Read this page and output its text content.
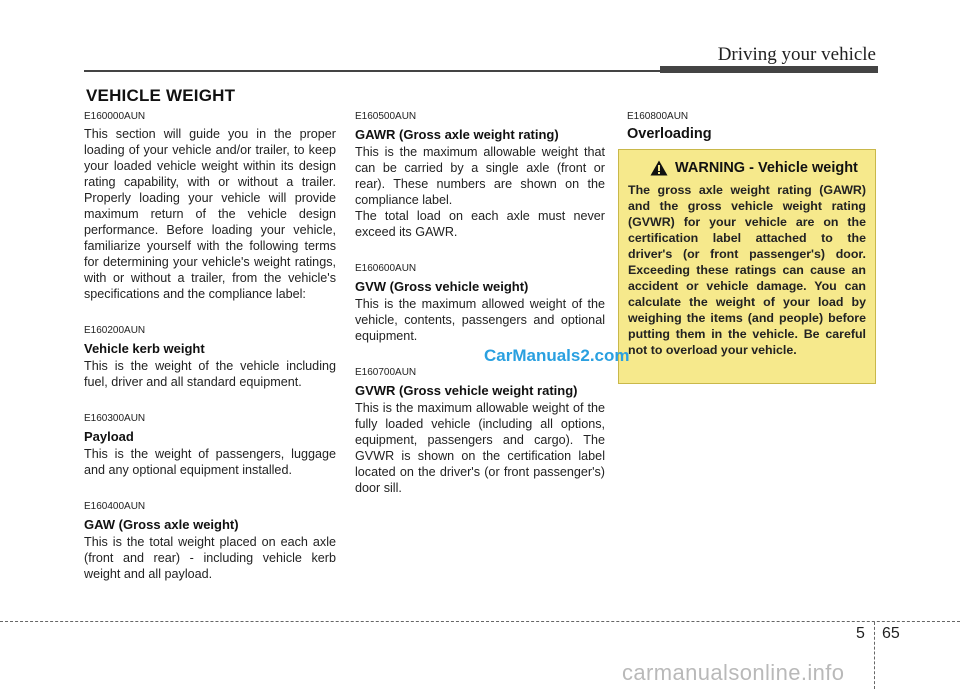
Driving your vehicle
VEHICLE WEIGHT

E160000AUN

This section will guide you in the proper loading of your vehicle and/or trailer, to keep your loaded vehicle weight within its design rating capability, with or without a trailer. Properly loading your vehicle will provide maximum return of the vehicle design performance. Before loading your vehicle, familiarize yourself with the following terms for determining your vehicle's weight ratings, with or without a trailer, from the vehicle's specifications and the compliance label:

E160200AUN

Vehicle kerb weight

This is the weight of the vehicle including fuel, driver and all standard equipment.

E160300AUN

Payload

This is the weight of passengers, luggage and any optional equipment installed.

E160400AUN

GAW (Gross axle weight)

This is the total weight placed on each axle (front and rear) - including vehicle kerb weight and all payload.

E160500AUN

GAWR (Gross axle weight rating)

This is the maximum allowable weight that can be carried by a single axle (front or rear). These numbers are shown on the compliance label.

The total load on each axle must never exceed its GAWR.

E160600AUN

GVW (Gross vehicle weight)

This is the maximum allowed weight of the vehicle, contents, passengers and optional equipment.

E160700AUN

GVWR (Gross vehicle weight rating)

This is the maximum allowable weight of the fully loaded vehicle (including all options, equipment, passengers and cargo). The GVWR is shown on the certification label located on the driver's (or front passenger's) door sill.

E160800AUN

Overloading

WARNING - Vehicle weight

The gross axle weight rating (GAWR) and the gross vehicle weight rating (GVWR) for your vehicle are on the certification label attached to the driver's (or front passenger's) door. Exceeding these ratings can cause an accident or vehicle damage. You can calculate the weight of your load by weighing the items (and people) before putting them in the vehicle. Be careful not to overload your vehicle.

CarManuals2.com
5 65
carmanualsonline.info
